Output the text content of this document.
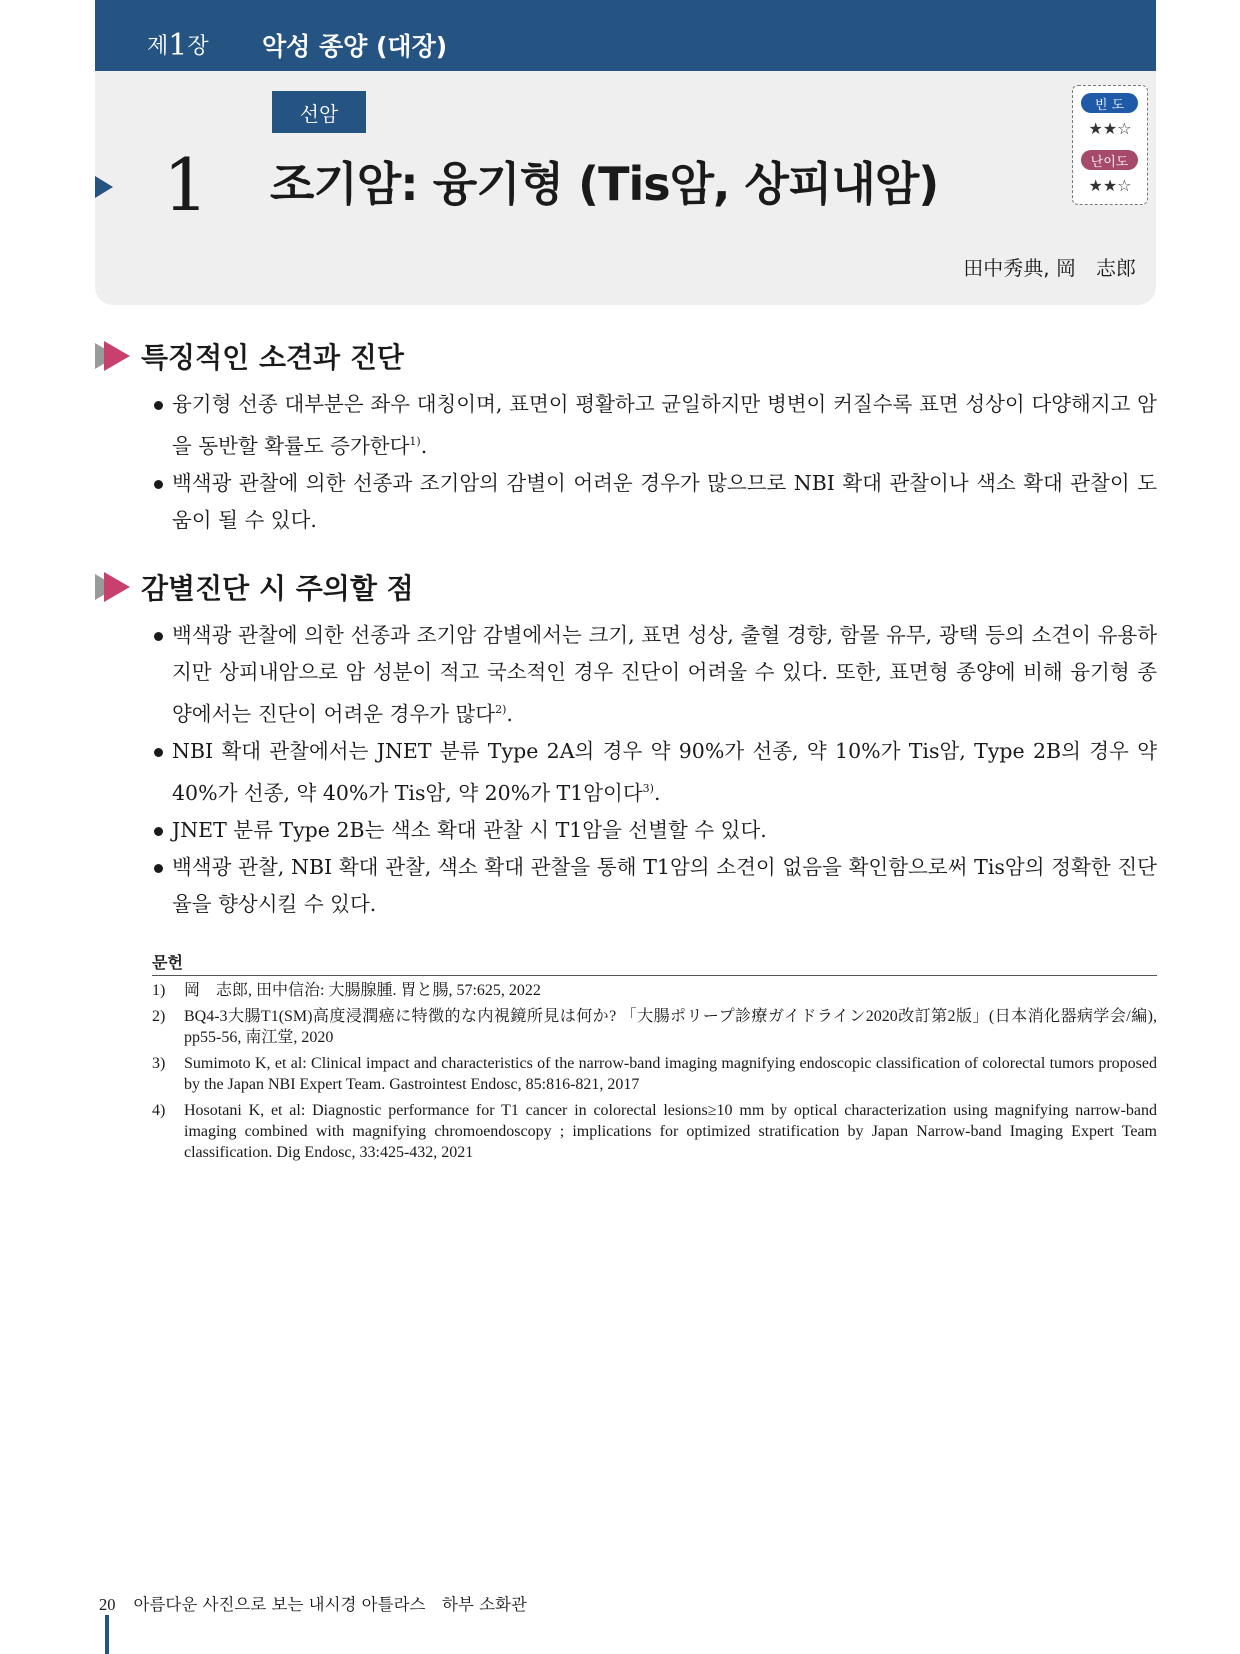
제1장 악성 종양 (대장)
선암
1 조기암: 융기형 (Tis암, 상피내암)
田中秀典, 岡　志郎
빈 도
★★☆
난이도
★★☆
특징적인 소견과 진단
융기형 선종 대부분은 좌우 대칭이며, 표면이 평활하고 균일하지만 병변이 커질수록 표면 성상이 다양해지고 암을 동반할 확률도 증가한다$^{1)}$.
백색광 관찰에 의한 선종과 조기암의 감별이 어려운 경우가 많으므로 NBI 확대 관찰이나 색소 확대 관찰이 도움이 될 수 있다.
감별진단 시 주의할 점
백색광 관찰에 의한 선종과 조기암 감별에서는 크기, 표면 성상, 출혈 경향, 함몰 유무, 광택 등의 소견이 유용하지만 상피내암으로 암 성분이 적고 국소적인 경우 진단이 어려울 수 있다. 또한, 표면형 종양에 비해 융기형 종양에서는 진단이 어려운 경우가 많다$^{2)}$.
NBI 확대 관찰에서는 JNET 분류 Type 2A의 경우 약 90%가 선종, 약 10%가 Tis암, Type 2B의 경우 약 40%가 선종, 약 40%가 Tis암, 약 20%가 T1암이다$^{3)}$.
JNET 분류 Type 2B는 색소 확대 관찰 시 T1암을 선별할 수 있다.
백색광 관찰, NBI 확대 관찰, 색소 확대 관찰을 통해 T1암의 소견이 없음을 확인함으로써 Tis암의 정확한 진단율을 향상시킬 수 있다.
문헌
1) 岡　志郎, 田中信治: 大腸腺腫. 胃と腸, 57:625, 2022
2) BQ4-3大腸T1(SM)高度浸潤癌に特徴的な内視鏡所見は何か? 「大腸ポリープ診療ガイドライン2020改訂第2版」(日本消化器病学会/編), pp55-56, 南江堂, 2020
3) Sumimoto K, et al: Clinical impact and characteristics of the narrow-band imaging magnifying endoscopic classification of colorectal tumors proposed by the Japan NBI Expert Team. Gastrointest Endosc, 85:816-821, 2017
4) Hosotani K, et al: Diagnostic performance for T1 cancer in colorectal lesions≥10 mm by optical characterization using magnifying narrow-band imaging combined with magnifying chromoendoscopy ; implications for optimized stratification by Japan Narrow-band Imaging Expert Team classification. Dig Endosc, 33:425-432, 2021
20 아름다운 사진으로 보는 내시경 아틀라스　하부 소화관
